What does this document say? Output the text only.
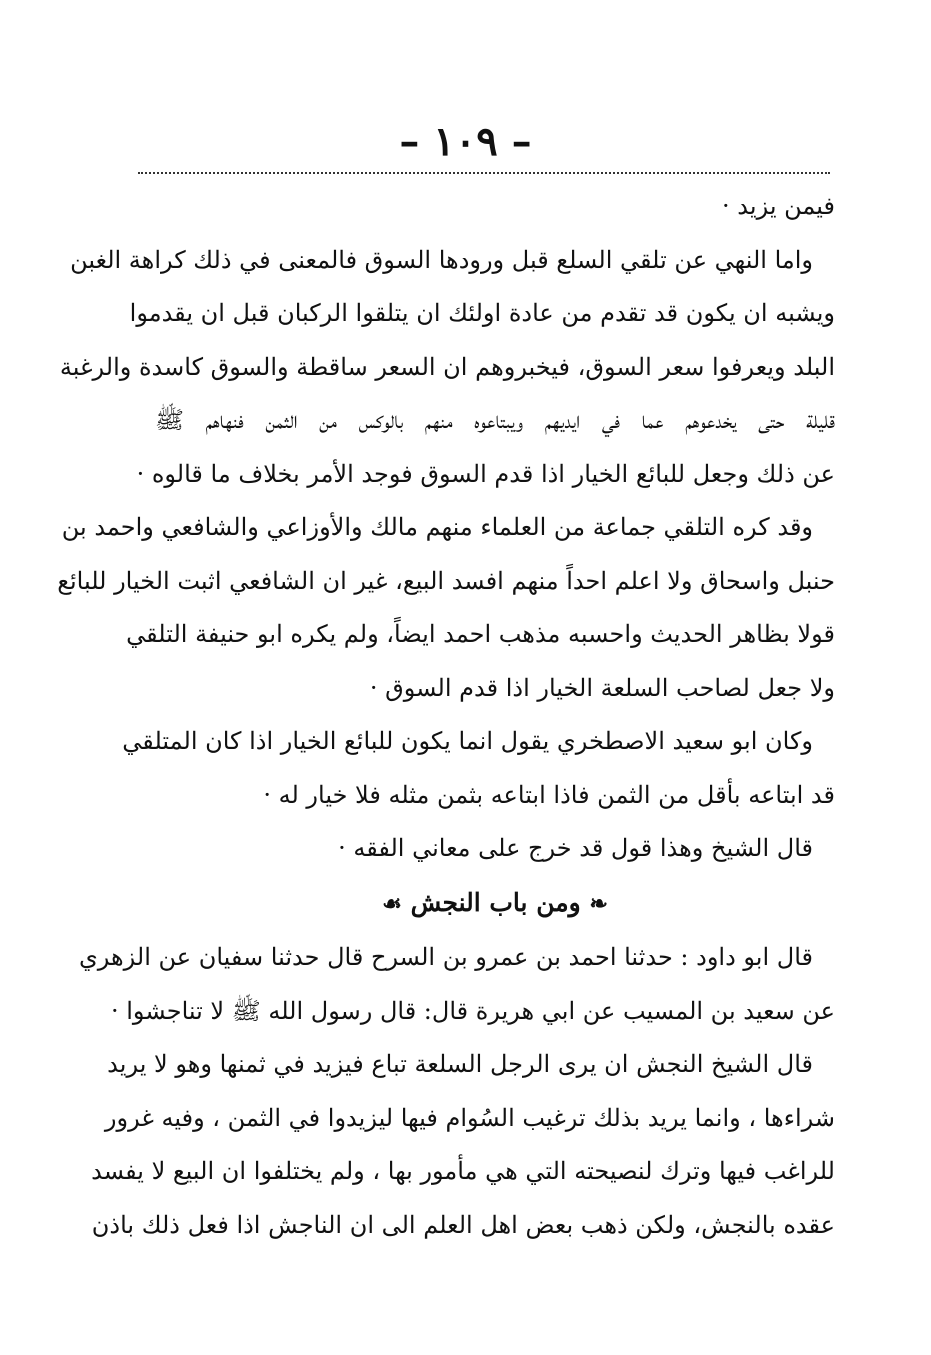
– ١٠٩ –
فيمن يزيد ·
واما النهي عن تلقي السلع قبل ورودها السوق فالمعنى في ذلك كراهة الغبن
ويشبه ان يكون قد تقدم من عادة اولئك ان يتلقوا الركبان قبل ان يقدموا
البلد ويعرفوا سعر السوق، فيخبروهم ان السعر ساقطة والسوق كاسدة والرغبة
قليلة حتى يخدعوهم عما في ايديهم ويبتاعوه منهم بالوكس من الثمن فنهاهم ﷺ
عن ذلك وجعل للبائع الخيار اذا قدم السوق فوجد الأمر بخلاف ما قالوه ·
وقد كره التلقي جماعة من العلماء منهم مالك والأوزاعي والشافعي واحمد بن
حنبل واسحاق ولا اعلم احداً منهم افسد البيع، غير ان الشافعي اثبت الخيار للبائع
قولا بظاهر الحديث واحسبه مذهب احمد ايضاً، ولم يكره ابو حنيفة التلقي
ولا جعل لصاحب السلعة الخيار اذا قدم السوق ·
وكان ابو سعيد الاصطخري يقول انما يكون للبائع الخيار اذا كان المتلقي
قد ابتاعه بأقل من الثمن فاذا ابتاعه بثمن مثله فلا خيار له ·
قال الشيخ وهذا قول قد خرج على معاني الفقه ·
❧ ومن باب النجش ☙
قال ابو داود : حدثنا احمد بن عمرو بن السرح قال حدثنا سفيان عن الزهري
عن سعيد بن المسيب عن ابي هريرة قال: قال رسول الله ﷺ لا تناجشوا ·
قال الشيخ النجش ان يرى الرجل السلعة تباع فيزيد في ثمنها وهو لا يريد
شراءها ، وانما يريد بذلك ترغيب السُوام فيها ليزيدوا في الثمن ، وفيه غرور
للراغب فيها وترك لنصيحته التي هي مأمور بها ، ولم يختلفوا ان البيع لا يفسد
عقده بالنجش، ولكن ذهب بعض اهل العلم الى ان الناجش اذا فعل ذلك باذن
